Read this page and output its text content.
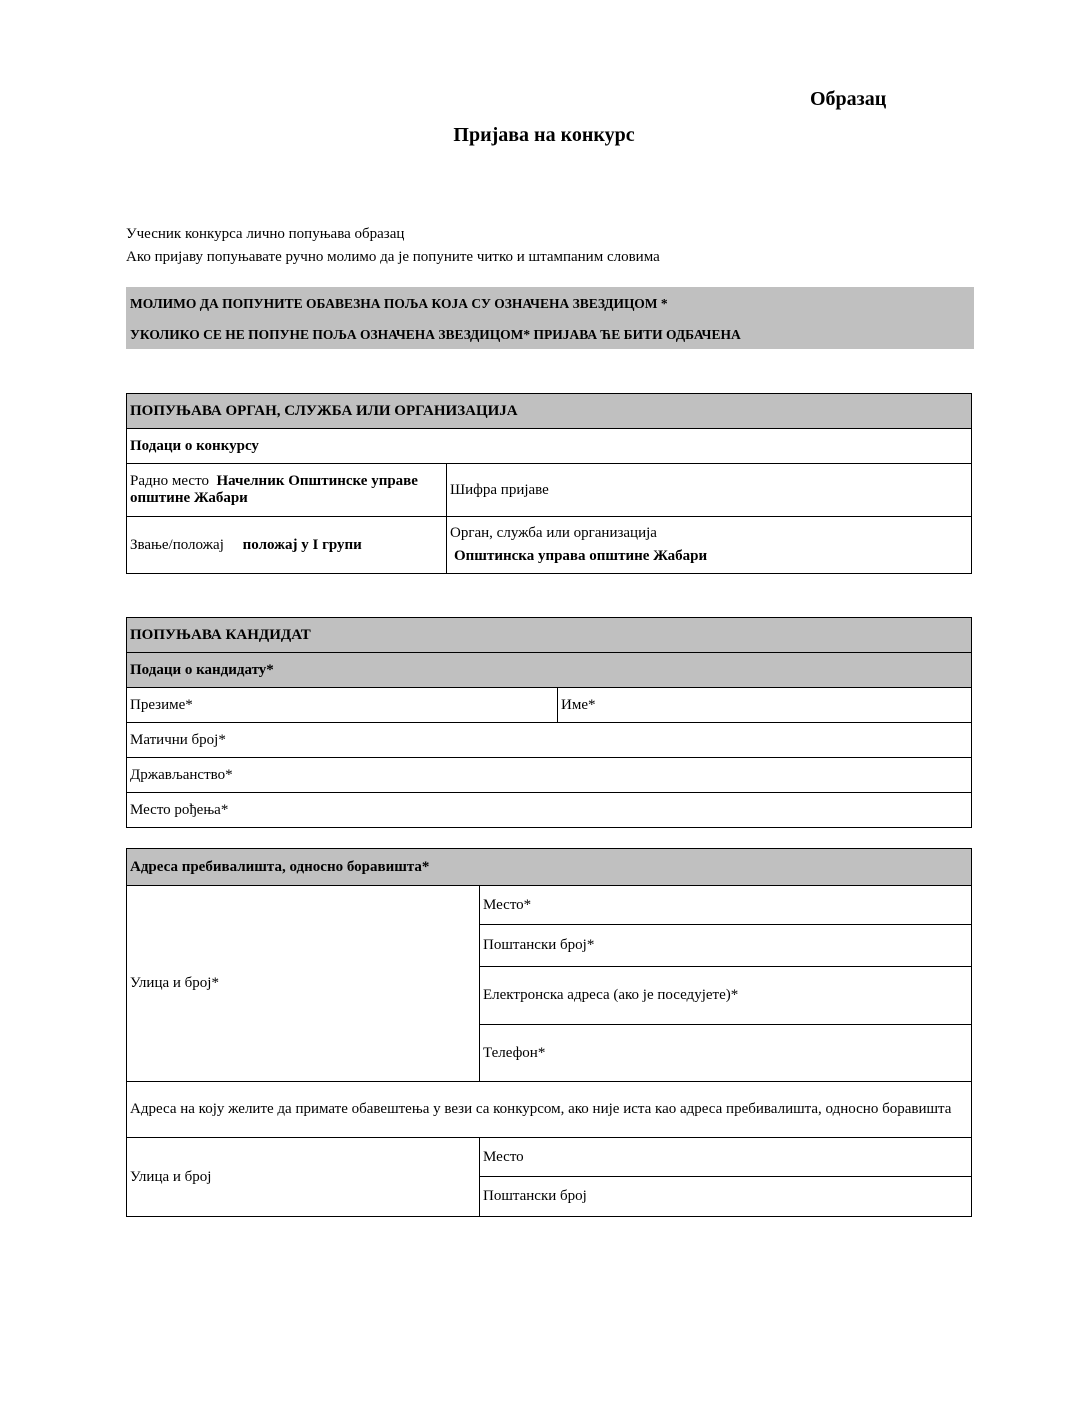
Образац
Пријава на конкурс
Учесник конкурса лично попуњава образац
Ако пријаву попуњавате ручно молимо да је попуните читко и штампаним словима
МОЛИМО ДА ПОПУНИТЕ ОБАВЕЗНА ПОЉА КОЈА СУ ОЗНАЧЕНА ЗВЕЗДИЦОМ *
УКОЛИКО СЕ НЕ ПОПУНЕ ПОЉА ОЗНАЧЕНА ЗВЕЗДИЦОМ* ПРИЈАВА ЋЕ БИТИ ОДБАЧЕНА
ПОПУЊАВА ОРГАН, СЛУЖБА ИЛИ ОРГАНИЗАЦИЈА	
Подаци о конкурсу	
Радно место Начелник Општинске управе општине Жабари	Шифра пријаве
Звање/положај положај у I групи	Орган, служба или организација
Општинска управа општине Жабари
ПОПУЊАВА КАНДИДАТ
Подаци о кандидату*
Презиме*	Име*
Матични број*
Држављанство*
Место рођења*
Адреса пребивалишта, односно боравишта*	
Улица и број*	Место*
	Поштански број*
	Електронска адреса (ако је поседујете)*
	Телефон*
Адреса на коју желите да примате обавештења у вези са конкурсом, ако није иста као адреса пребивалишта, односно боравишта	
Улица и број	Место
	Поштански број
